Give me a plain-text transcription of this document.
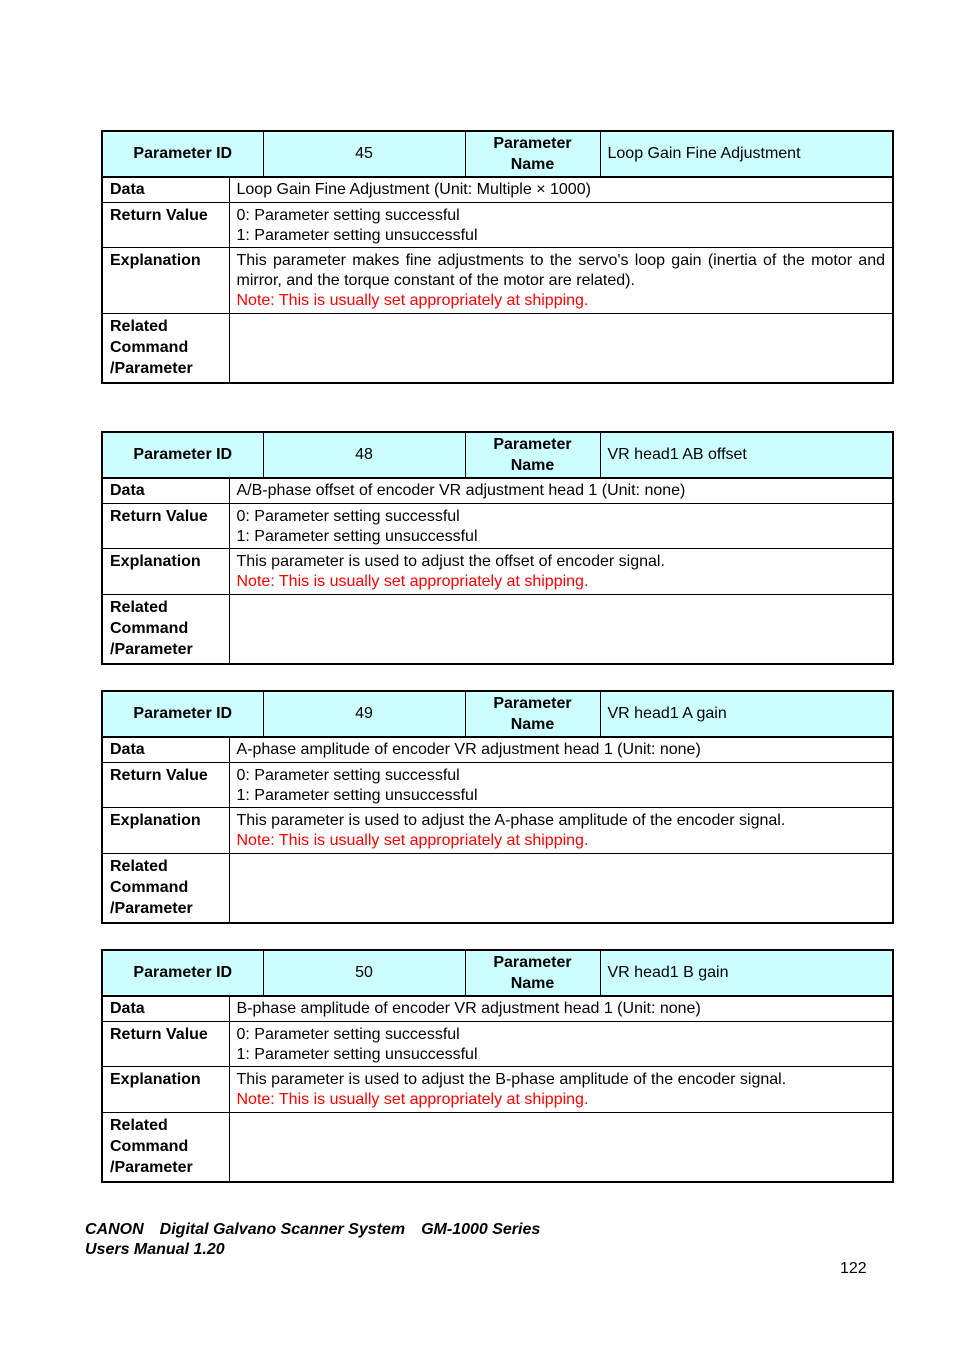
Parameter ID		45	Parameter Name	Loop Gain Fine Adjustment
Data	Loop Gain Fine Adjustment (Unit: Multiple × 1000)			
Return Value	0: Parameter setting successful
1: Parameter setting unsuccessful			

Explanation	This parameter makes fine adjustments to the servo's loop gain (inertia of the motor and mirror, and the torque constant of the motor are related).
Note: This is usually set appropriately at shipping.			

Related
Command
/Parameter				

Parameter ID		48	Parameter Name	VR head1 AB offset
Data	A/B-phase offset of encoder VR adjustment head 1 (Unit: none)			
Return Value	0: Parameter setting successful
1: Parameter setting unsuccessful			

Explanation	This parameter is used to adjust the offset of encoder signal.
Note: This is usually set appropriately at shipping.			

Related
Command
/Parameter				

Parameter ID		49	Parameter Name	VR head1 A gain
Data	A-phase amplitude of encoder VR adjustment head 1 (Unit: none)			
Return Value	0: Parameter setting successful
1: Parameter setting unsuccessful			

Explanation	This parameter is used to adjust the A-phase amplitude of the encoder signal.
Note: This is usually set appropriately at shipping.			

Related
Command
/Parameter				

Parameter ID		50	Parameter Name	VR head1 B gain
Data	B-phase amplitude of encoder VR adjustment head 1 (Unit: none)			
Return Value	0: Parameter setting successful
1: Parameter setting unsuccessful			

Explanation	This parameter is used to adjust the B-phase amplitude of the encoder signal.
Note: This is usually set appropriately at shipping.			

Related
Command
/Parameter				

CANON　Digital Galvano Scanner System　GM-1000 Series
Users Manual 1.20
122
